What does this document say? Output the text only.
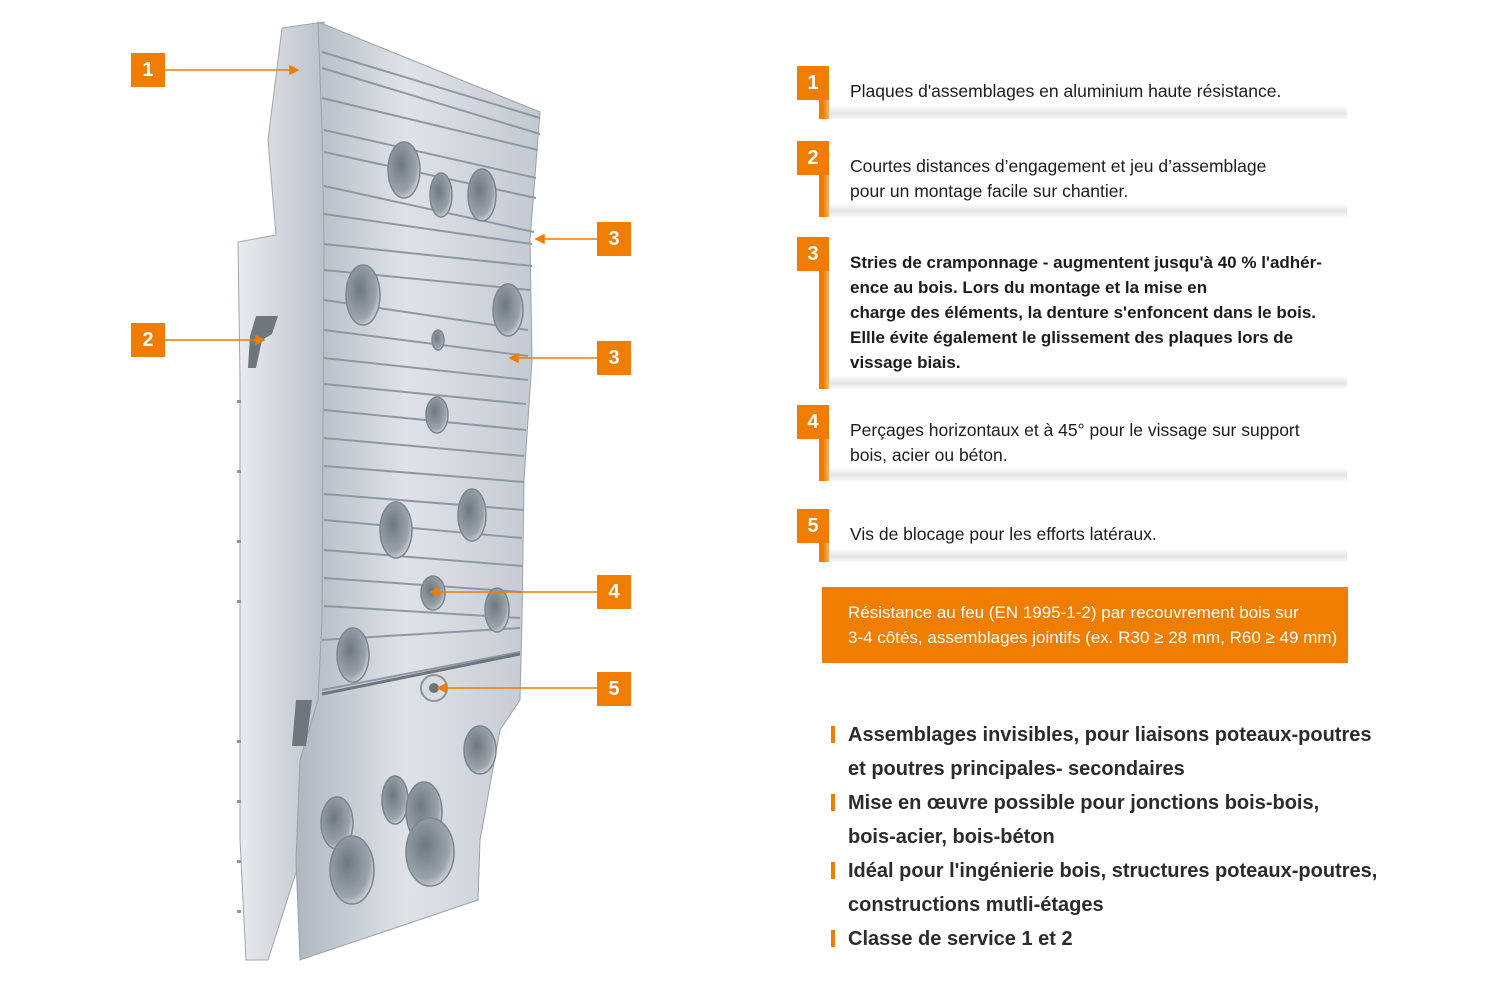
1
2
3
3
4
5
1	Plaques d'assemblages en aluminium haute résistance.
2	Courtes distances d’engagement et jeu d’assemblage
pour un montage facile sur chantier.
3	Stries de cramponnage - augmentent jusqu'à 40 % l'adhér-
ence au bois. Lors du montage et la mise en
charge des éléments, la denture s'enfoncent dans le bois.
Ellle évite également le glissement des plaques lors de
vissage biais.
4	Perçages horizontaux et à 45° pour le vissage sur support
bois, acier ou béton.
5	Vis de blocage pour les efforts latéraux.
Résistance au feu (EN 1995-1-2) par recouvrement bois sur
3-4 côtés, assemblages jointifs (ex. R30 ≥ 28 mm, R60 ≥ 49 mm)
Assemblages invisibles, pour liaisons poteaux-poutres
et poutres principales- secondaires
Mise en œuvre possible pour jonctions bois-bois,
bois-acier, bois-béton
Idéal pour l'ingénierie bois, structures poteaux-poutres,
constructions mutli-étages
Classe de service 1 et 2
